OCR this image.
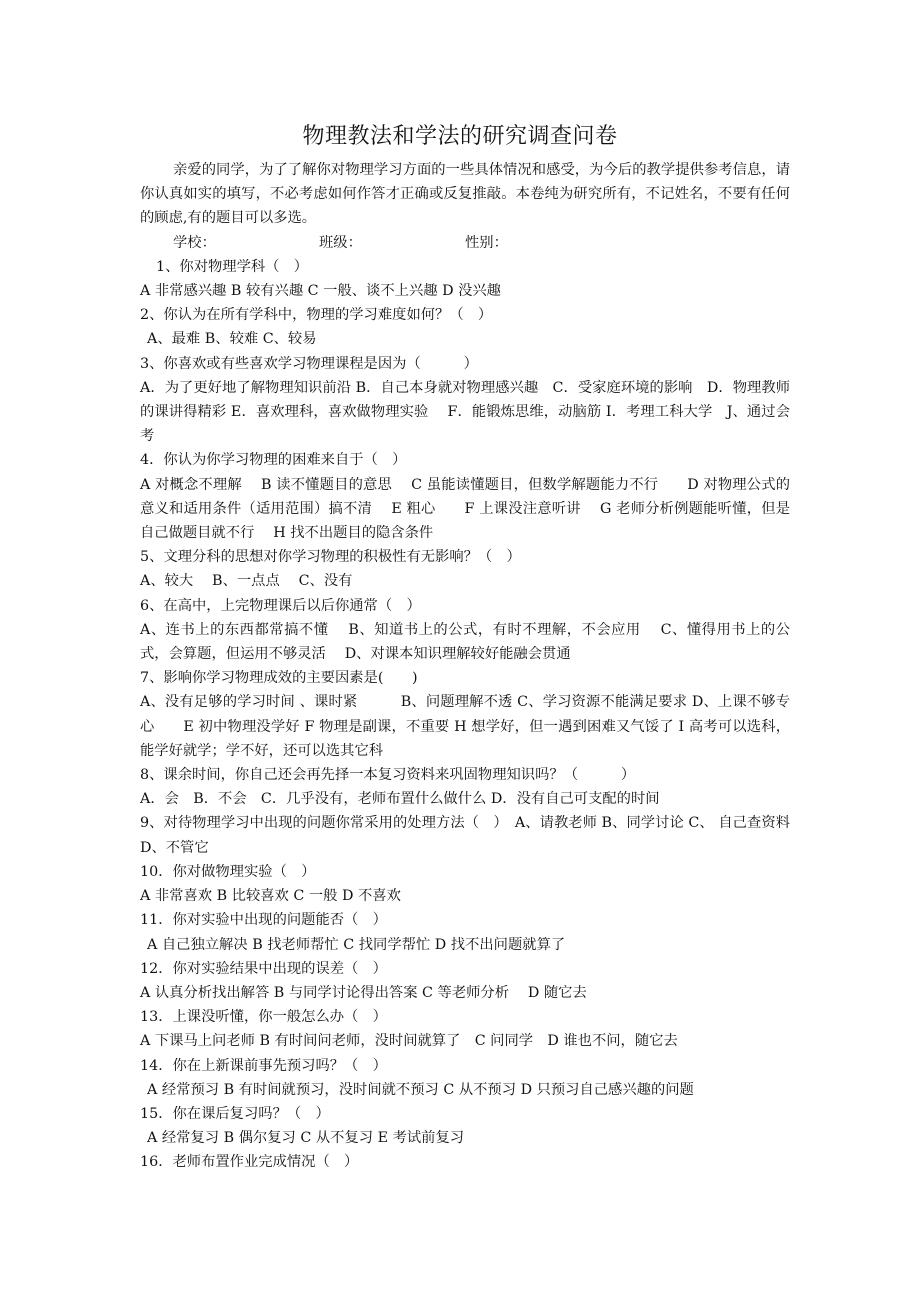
物理教法和学法的研究调查问卷

亲爱的同学，为了了解你对物理学习方面的一些具体情况和感受，为今后的教学提供参考信息，请你认真如实的填写，不必考虑如何作答才正确或反复推敲。本卷纯为研究所有，不记姓名，不要有任何的顾虑,有的题目可以多选。

学校：	班级：	性别：

1、你对物理学科（　）

A 非常感兴趣 B 较有兴趣 C 一般、谈不上兴趣 D 没兴趣

2、你认为在所有学科中，物理的学习难度如何？（　）

A、最难 B、较难 C、较易

3、你喜欢或有些喜欢学习物理课程是因为（　　　）

A．为了更好地了解物理知识前沿 B．自己本身就对物理感兴趣　C．受家庭环境的影响　D．物理教师的课讲得精彩 E．喜欢理科，喜欢做物理实验　 F．能锻炼思维，动脑筋 I．考理工科大学　J、通过会考

4．你认为你学习物理的困难来自于（　）

A 对概念不理解　 B 读不懂题目的意思　 C 虽能读懂题目，但数学解题能力不行　　D 对物理公式的意义和适用条件（适用范围）搞不清　 E 粗心　　F 上课没注意听讲　 G 老师分析例题能听懂，但是自己做题目就不行　 H 找不出题目的隐含条件

5、文理分科的思想对你学习物理的积极性有无影响？（　）

A、较大　 B、一点点　 C、没有

6、在高中，上完物理课后以后你通常（　）

A、连书上的东西都常搞不懂　 B、知道书上的公式，有时不理解，不会应用　 C、懂得用书上的公式，会算题，但运用不够灵活　 D、对课本知识理解较好能融会贯通

7、影响你学习物理成效的主要因素是(　　)

A、没有足够的学习时间 、课时紧　　　B、问题理解不透 C、学习资源不能满足要求 D、上课不够专心　　E 初中物理没学好 F 物理是副课，不重要 H 想学好，但一遇到困难又气馁了 I 高考可以选科，能学好就学；学不好，还可以选其它科

8、课余时间，你自己还会再先择一本复习资料来巩固物理知识吗？（　　　）

A．会　B．不会　C．几乎没有，老师布置什么做什么 D．没有自己可支配的时间

9、对待物理学习中出现的问题你常采用的处理方法（　）　A、请教老师 B、同学讨论 C、 自己查资料 D、不管它

10．你对做物理实验（　）

A 非常喜欢 B 比较喜欢 C 一般 D 不喜欢

11．你对实验中出现的问题能否（　）

A 自己独立解决 B 找老师帮忙 C 找同学帮忙 D 找不出问题就算了

12．你对实验结果中出现的误差（　）

A 认真分析找出解答 B 与同学讨论得出答案 C 等老师分析　 D 随它去

13．上课没听懂，你一般怎么办（　）

A 下课马上问老师 B 有时间问老师，没时间就算了　C 问同学　D 谁也不问，随它去

14．你在上新课前事先预习吗？（　）

A 经常预习 B 有时间就预习，没时间就不预习 C 从不预习 D 只预习自己感兴趣的问题

15．你在课后复习吗？（　）

A 经常复习 B 偶尔复习 C 从不复习 E 考试前复习

16．老师布置作业完成情况（　）
